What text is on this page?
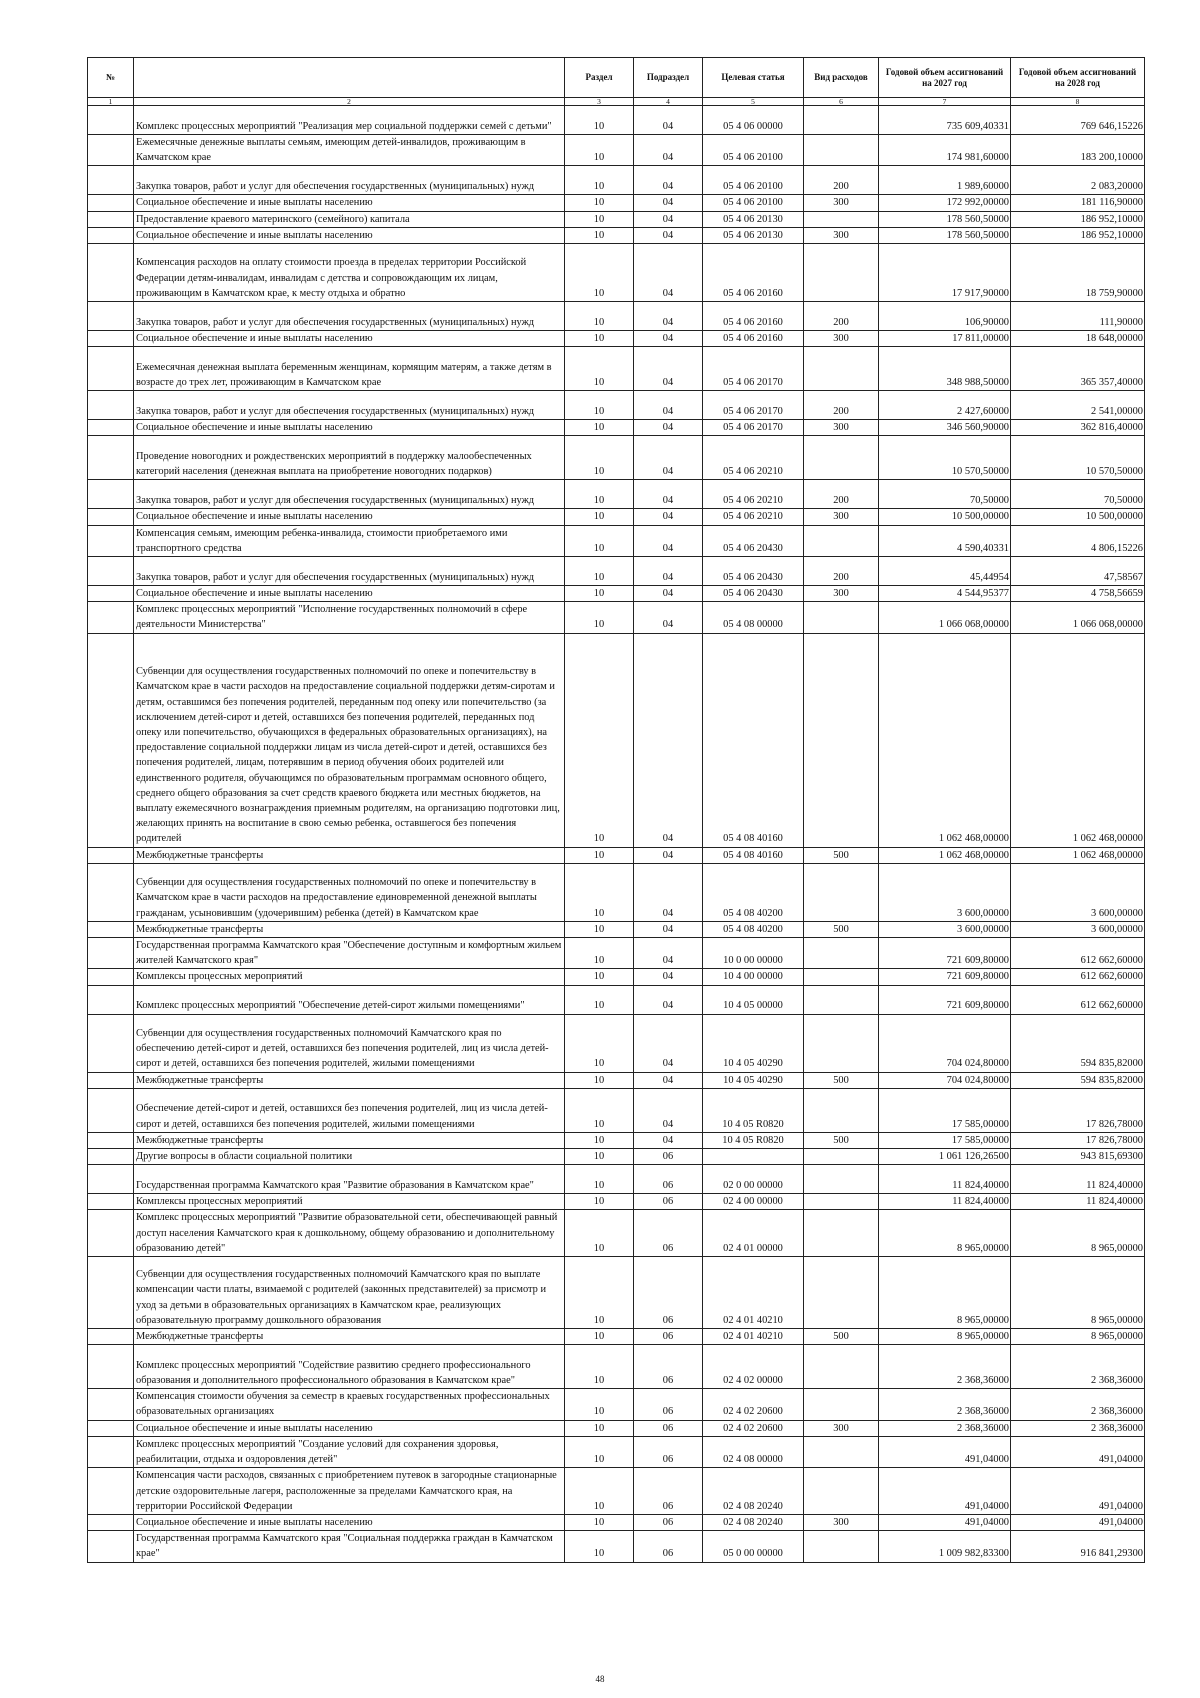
№		Раздел	Подраздел	Целевая статья	Вид расходов	Годовой объем ассигнований на 2027 год	Годовой объем ассигнований на 2028 год
1	2	3	4	5	6	7	8
	Комплекс процессных мероприятий "Реализация мер социальной поддержки семей с детьми"	10	04	05 4 06 00000		735 609,40331	769 646,15226
	Ежемесячные денежные выплаты семьям, имеющим детей-инвалидов, проживающим в Камчатском крае	10	04	05 4 06 20100		174 981,60000	183 200,10000
	Закупка товаров, работ и услуг для обеспечения государственных (муниципальных) нужд	10	04	05 4 06 20100	200	1 989,60000	2 083,20000
	Социальное обеспечение и иные выплаты населению	10	04	05 4 06 20100	300	172 992,00000	181 116,90000
	Предоставление краевого материнского (семейного) капитала	10	04	05 4 06 20130		178 560,50000	186 952,10000
	Социальное обеспечение и иные выплаты населению	10	04	05 4 06 20130	300	178 560,50000	186 952,10000
	Компенсация расходов на оплату стоимости проезда в пределах территории Российской Федерации детям-инвалидам, инвалидам с детства и сопровождающим их лицам, проживающим в Камчатском крае, к месту отдыха и обратно	10	04	05 4 06 20160		17 917,90000	18 759,90000
	Закупка товаров, работ и услуг для обеспечения государственных (муниципальных) нужд	10	04	05 4 06 20160	200	106,90000	111,90000
	Социальное обеспечение и иные выплаты населению	10	04	05 4 06 20160	300	17 811,00000	18 648,00000
	Ежемесячная денежная выплата беременным женщинам, кормящим матерям, а также детям в возрасте до трех лет, проживающим в Камчатском крае	10	04	05 4 06 20170		348 988,50000	365 357,40000
	Закупка товаров, работ и услуг для обеспечения государственных (муниципальных) нужд	10	04	05 4 06 20170	200	2 427,60000	2 541,00000
	Социальное обеспечение и иные выплаты населению	10	04	05 4 06 20170	300	346 560,90000	362 816,40000
	Проведение новогодних и рождественских мероприятий в поддержку малообеспеченных категорий населения (денежная выплата на приобретение новогодних подарков)	10	04	05 4 06 20210		10 570,50000	10 570,50000
	Закупка товаров, работ и услуг для обеспечения государственных (муниципальных) нужд	10	04	05 4 06 20210	200	70,50000	70,50000
	Социальное обеспечение и иные выплаты населению	10	04	05 4 06 20210	300	10 500,00000	10 500,00000
	Компенсация семьям, имеющим ребенка-инвалида, стоимости приобретаемого ими транспортного средства	10	04	05 4 06 20430		4 590,40331	4 806,15226
	Закупка товаров, работ и услуг для обеспечения государственных (муниципальных) нужд	10	04	05 4 06 20430	200	45,44954	47,58567
	Социальное обеспечение и иные выплаты населению	10	04	05 4 06 20430	300	4 544,95377	4 758,56659
	Комплекс процессных мероприятий "Исполнение государственных полномочий в сфере деятельности Министерства"	10	04	05 4 08 00000		1 066 068,00000	1 066 068,00000
	Субвенции для осуществления государственных полномочий по опеке и попечительству в Камчатском крае в части расходов на предоставление социальной поддержки детям-сиротам и детям, оставшимся без попечения родителей, переданным под опеку или попечительство (за исключением детей-сирот и детей, оставшихся без попечения родителей, переданных под опеку или попечительство, обучающихся в федеральных образовательных организациях), на предоставление социальной поддержки лицам из числа детей-сирот и детей, оставшихся без попечения родителей, лицам, потерявшим в период обучения обоих родителей или единственного родителя, обучающимся по образовательным программам основного общего, среднего общего образования за счет средств краевого бюджета или местных бюджетов, на выплату ежемесячного вознаграждения приемным родителям, на организацию подготовки лиц, желающих принять на воспитание в свою семью ребенка, оставшегося без попечения родителей	10	04	05 4 08 40160		1 062 468,00000	1 062 468,00000
	Межбюджетные трансферты	10	04	05 4 08 40160	500	1 062 468,00000	1 062 468,00000
	Субвенции для осуществления государственных полномочий по опеке и попечительству в Камчатском крае в части расходов на предоставление единовременной денежной выплаты гражданам, усыновившим (удочерившим) ребенка (детей) в Камчатском крае	10	04	05 4 08 40200		3 600,00000	3 600,00000
	Межбюджетные трансферты	10	04	05 4 08 40200	500	3 600,00000	3 600,00000
	Государственная программа Камчатского края "Обеспечение доступным и комфортным жильем жителей Камчатского края"	10	04	10 0 00 00000		721 609,80000	612 662,60000
	Комплексы процессных мероприятий	10	04	10 4 00 00000		721 609,80000	612 662,60000
	Комплекс процессных мероприятий "Обеспечение детей-сирот жилыми помещениями"	10	04	10 4 05 00000		721 609,80000	612 662,60000
	Субвенции для осуществления государственных полномочий Камчатского края по обеспечению детей-сирот и детей, оставшихся без попечения родителей, лиц из числа детей-сирот и детей, оставшихся без попечения родителей, жилыми помещениями	10	04	10 4 05 40290		704 024,80000	594 835,82000
	Межбюджетные трансферты	10	04	10 4 05 40290	500	704 024,80000	594 835,82000
	Обеспечение детей-сирот и детей, оставшихся без попечения родителей, лиц из числа детей-сирот и детей, оставшихся без попечения родителей, жилыми помещениями	10	04	10 4 05 R0820		17 585,00000	17 826,78000
	Межбюджетные трансферты	10	04	10 4 05 R0820	500	17 585,00000	17 826,78000
	Другие вопросы в области социальной политики	10	06			1 061 126,26500	943 815,69300
	Государственная программа Камчатского края "Развитие образования в Камчатском крае"	10	06	02 0 00 00000		11 824,40000	11 824,40000
	Комплексы процессных мероприятий	10	06	02 4 00 00000		11 824,40000	11 824,40000
	Комплекс процессных мероприятий "Развитие образовательной сети, обеспечивающей равный доступ населения Камчатского края к дошкольному, общему образованию и дополнительному образованию детей"	10	06	02 4 01 00000		8 965,00000	8 965,00000
	Субвенции для осуществления государственных полномочий Камчатского края по выплате компенсации части платы, взимаемой с родителей (законных представителей) за присмотр и уход за детьми в образовательных организациях в Камчатском крае, реализующих образовательную программу дошкольного образования	10	06	02 4 01 40210		8 965,00000	8 965,00000
	Межбюджетные трансферты	10	06	02 4 01 40210	500	8 965,00000	8 965,00000
	Комплекс процессных мероприятий "Содействие развитию среднего профессионального образования и дополнительного профессионального образования в Камчатском крае"	10	06	02 4 02 00000		2 368,36000	2 368,36000
	Компенсация стоимости обучения за семестр в краевых государственных профессиональных образовательных организациях	10	06	02 4 02 20600		2 368,36000	2 368,36000
	Социальное обеспечение и иные выплаты населению	10	06	02 4 02 20600	300	2 368,36000	2 368,36000
	Комплекс процессных мероприятий "Создание условий для сохранения здоровья, реабилитации, отдыха и оздоровления детей"	10	06	02 4 08 00000		491,04000	491,04000
	Компенсация части расходов, связанных с приобретением путевок в загородные стационарные детские оздоровительные лагеря, расположенные за пределами Камчатского края, на территории Российской Федерации	10	06	02 4 08 20240		491,04000	491,04000
	Социальное обеспечение и иные выплаты населению	10	06	02 4 08 20240	300	491,04000	491,04000
	Государственная программа Камчатского края "Социальная поддержка граждан в Камчатском крае"	10	06	05 0 00 00000		1 009 982,83300	916 841,29300
48
